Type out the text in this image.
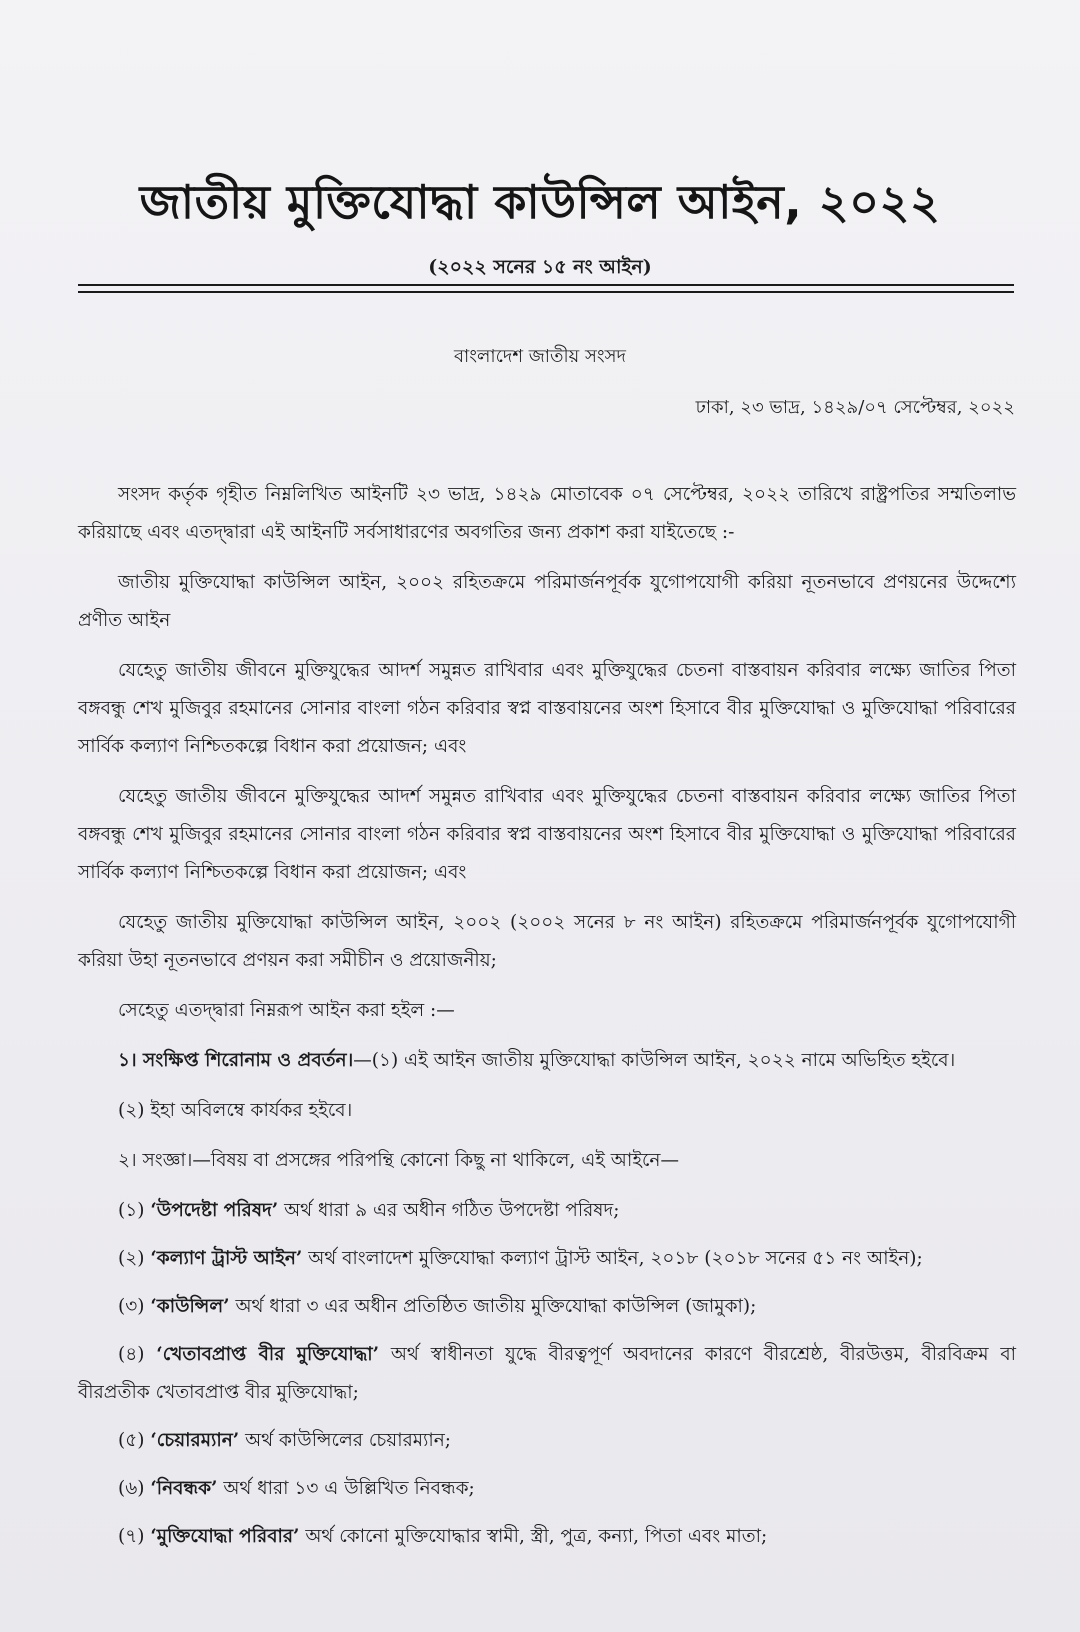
জাতীয় মুক্তিযোদ্ধা কাউন্সিল আইন, ২০২২
(২০২২ সনের ১৫ নং আইন)
বাংলাদেশ জাতীয় সংসদ
ঢাকা, ২৩ ভাদ্র, ১৪২৯/০৭ সেপ্টেম্বর, ২০২২

সংসদ কর্তৃক গৃহীত নিম্নলিখিত আইনটি ২৩ ভাদ্র, ১৪২৯ মোতাবেক ০৭ সেপ্টেম্বর, ২০২২ তারিখে রাষ্ট্রপতির সম্মতিলাভ করিয়াছে এবং এতদ্দ্বারা এই আইনটি সর্বসাধারণের অবগতির জন্য প্রকাশ করা যাইতেছে :-

জাতীয় মুক্তিযোদ্ধা কাউন্সিল আইন, ২০০২ রহিতক্রমে পরিমার্জনপূর্বক যুগোপযোগী করিয়া নূতনভাবে প্রণয়নের উদ্দেশ্যে প্রণীত আইন

যেহেতু জাতীয় জীবনে মুক্তিযুদ্ধের আদর্শ সমুন্নত রাখিবার এবং মুক্তিযুদ্ধের চেতনা বাস্তবায়ন করিবার লক্ষ্যে জাতির পিতা বঙ্গবন্ধু শেখ মুজিবুর রহমানের সোনার বাংলা গঠন করিবার স্বপ্ন বাস্তবায়নের অংশ হিসাবে বীর মুক্তিযোদ্ধা ও মুক্তিযোদ্ধা পরিবারের সার্বিক কল্যাণ নিশ্চিতকল্পে বিধান করা প্রয়োজন; এবং

যেহেতু জাতীয় জীবনে মুক্তিযুদ্ধের আদর্শ সমুন্নত রাখিবার এবং মুক্তিযুদ্ধের চেতনা বাস্তবায়ন করিবার লক্ষ্যে জাতির পিতা বঙ্গবন্ধু শেখ মুজিবুর রহমানের সোনার বাংলা গঠন করিবার স্বপ্ন বাস্তবায়নের অংশ হিসাবে বীর মুক্তিযোদ্ধা ও মুক্তিযোদ্ধা পরিবারের সার্বিক কল্যাণ নিশ্চিতকল্পে বিধান করা প্রয়োজন; এবং

যেহেতু জাতীয় মুক্তিযোদ্ধা কাউন্সিল আইন, ২০০২ (২০০২ সনের ৮ নং আইন) রহিতক্রমে পরিমার্জনপূর্বক যুগোপযোগী করিয়া উহা নূতনভাবে প্রণয়ন করা সমীচীন ও প্রয়োজনীয়;

সেহেতু এতদ্দ্বারা নিম্নরূপ আইন করা হইল :—

১। সংক্ষিপ্ত শিরোনাম ও প্রবর্তন।—(১) এই আইন জাতীয় মুক্তিযোদ্ধা কাউন্সিল আইন, ২০২২ নামে অভিহিত হইবে।

(২) ইহা অবিলম্বে কার্যকর হইবে।

২। সংজ্ঞা।—বিষয় বা প্রসঙ্গের পরিপন্থি কোনো কিছু না থাকিলে, এই আইনে—

(১) ‘উপদেষ্টা পরিষদ’ অর্থ ধারা ৯ এর অধীন গঠিত উপদেষ্টা পরিষদ;

(২) ‘কল্যাণ ট্রাস্ট আইন’ অর্থ বাংলাদেশ মুক্তিযোদ্ধা কল্যাণ ট্রাস্ট আইন, ২০১৮ (২০১৮ সনের ৫১ নং আইন);

(৩) ‘কাউন্সিল’ অর্থ ধারা ৩ এর অধীন প্রতিষ্ঠিত জাতীয় মুক্তিযোদ্ধা কাউন্সিল (জামুকা);

(৪) ‘খেতাবপ্রাপ্ত বীর মুক্তিযোদ্ধা’ অর্থ স্বাধীনতা যুদ্ধে বীরত্বপূর্ণ অবদানের কারণে বীরশ্রেষ্ঠ, বীরউত্তম, বীরবিক্রম বা বীরপ্রতীক খেতাবপ্রাপ্ত বীর মুক্তিযোদ্ধা;

(৫) ‘চেয়ারম্যান’ অর্থ কাউন্সিলের চেয়ারম্যান;

(৬) ‘নিবন্ধক’ অর্থ ধারা ১৩ এ উল্লিখিত নিবন্ধক;

(৭) ‘মুক্তিযোদ্ধা পরিবার’ অর্থ কোনো মুক্তিযোদ্ধার স্বামী, স্ত্রী, পুত্র, কন্যা, পিতা এবং মাতা;
